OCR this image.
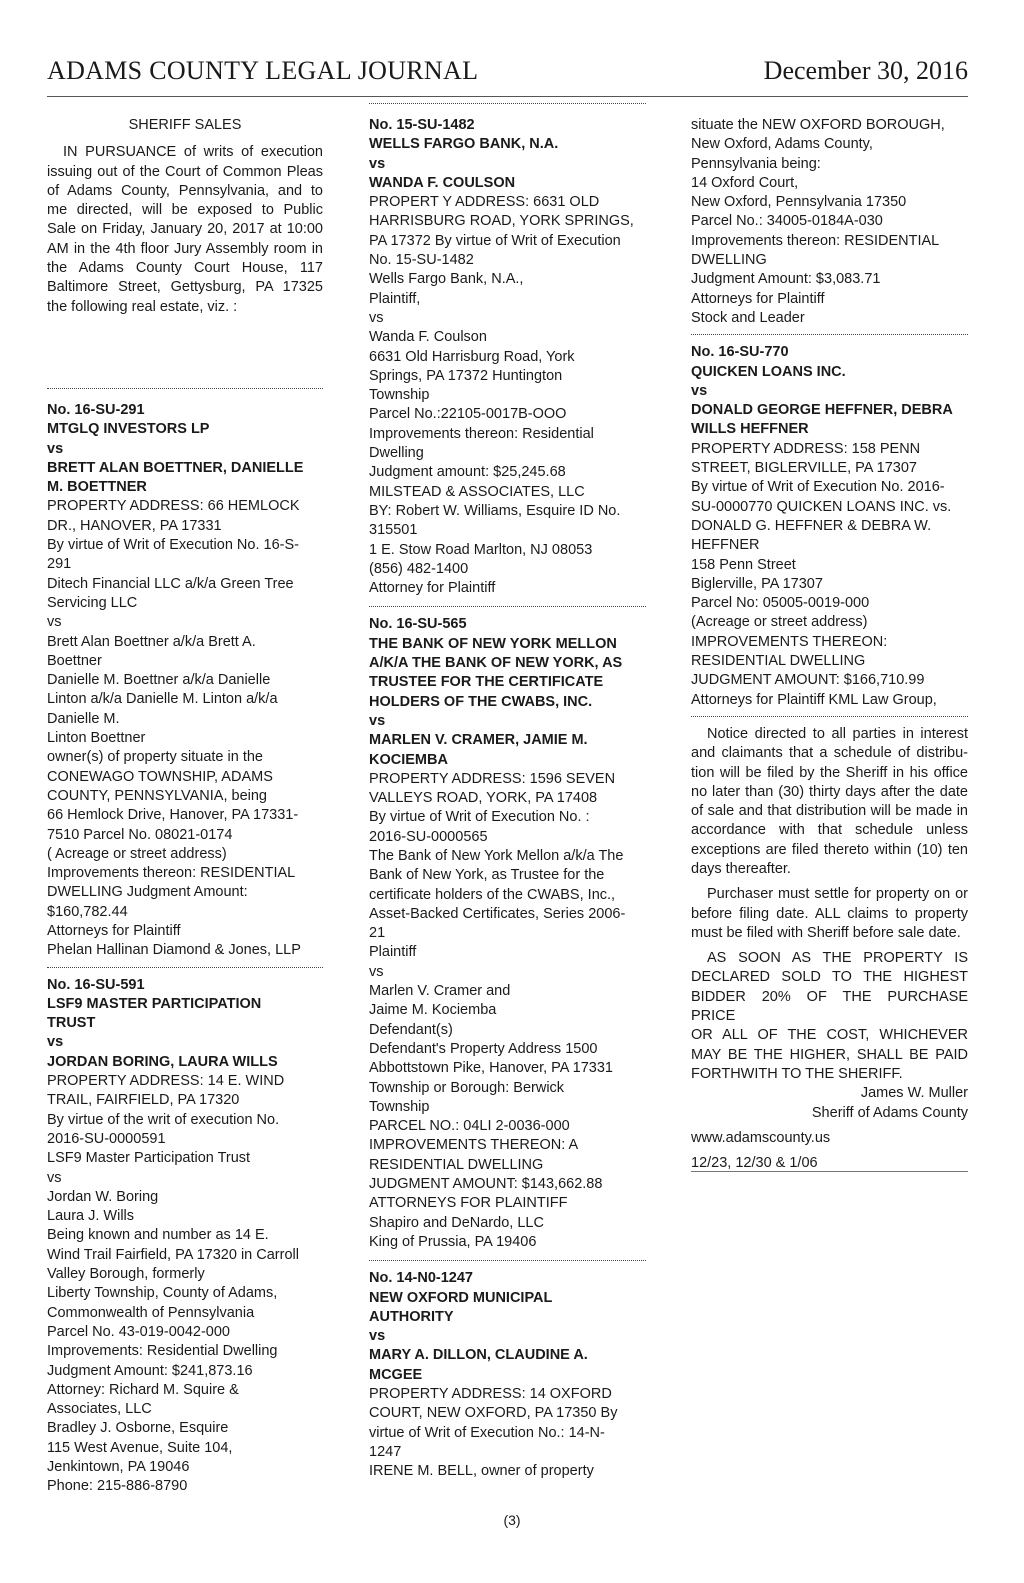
ADAMS COUNTY LEGAL JOURNAL	December 30, 2016
SHERIFF SALES
IN PURSUANCE of writs of execution
issuing out of the Court of Common Pleas
of Adams County, Pennsylvania, and to
me directed, will be exposed to Public
Sale on Friday, January 20, 2017 at 10:00
AM in the 4th floor Jury Assembly room in
the Adams County Court House, 117
Baltimore Street, Gettysburg, PA 17325
the following real estate, viz. :
No. 16-SU-291
MTGLQ INVESTORS LP
vs
BRETT ALAN BOETTNER, DANIELLE
M. BOETTNER
PROPERTY ADDRESS: 66 HEMLOCK
DR., HANOVER, PA 17331
By virtue of Writ of Execution No. 16-S-
291
Ditech Financial LLC a/k/a Green Tree
Servicing LLC
vs
Brett Alan Boettner a/k/a Brett A.
Boettner
Danielle M. Boettner a/k/a Danielle
Linton a/k/a Danielle M. Linton a/k/a
Danielle M.
Linton Boettner
owner(s) of property situate in the
CONEWAGO TOWNSHIP, ADAMS
COUNTY, PENNSYLVANIA, being
66 Hemlock Drive, Hanover, PA 17331-
7510 Parcel No. 08021-0174
( Acreage or street address)
Improvements thereon: RESIDENTIAL
DWELLING Judgment Amount:
$160,782.44
Attorneys for Plaintiff
Phelan Hallinan Diamond & Jones, LLP
No. 16-SU-591
LSF9 MASTER PARTICIPATION
TRUST
vs
JORDAN BORING, LAURA WILLS
PROPERTY ADDRESS: 14 E. WIND
TRAIL, FAIRFIELD, PA 17320
By virtue of the writ of execution No.
2016-SU-0000591
LSF9 Master Participation Trust
vs
Jordan W. Boring
Laura J. Wills
Being known and number as 14 E.
Wind Trail Fairfield, PA 17320 in Carroll
Valley Borough, formerly
Liberty Township, County of Adams,
Commonwealth of Pennsylvania
Parcel No. 43-019-0042-000
Improvements: Residential Dwelling
Judgment Amount: $241,873.16
Attorney: Richard M. Squire &
Associates, LLC
Bradley J. Osborne, Esquire
115 West Avenue, Suite 104,
Jenkintown, PA 19046
Phone: 215-886-8790
No. 15-SU-1482
WELLS FARGO BANK, N.A.
vs
WANDA F. COULSON
PROPERT Y ADDRESS: 6631 OLD
HARRISBURG ROAD, YORK SPRINGS,
PA 17372 By virtue of Writ of Execution
No. 15-SU-1482
Wells Fargo Bank, N.A.,
Plaintiff,
vs
Wanda F. Coulson
6631 Old Harrisburg Road, York
Springs, PA 17372 Huntington
Township
Parcel No.:22105-0017B-OOO
Improvements thereon: Residential
Dwelling
Judgment amount: $25,245.68
MILSTEAD & ASSOCIATES, LLC
BY: Robert W. Williams, Esquire ID No.
315501
1 E. Stow Road Marlton, NJ 08053
(856) 482-1400
Attorney for Plaintiff
No. 16-SU-565
THE BANK OF NEW YORK MELLON
A/K/A THE BANK OF NEW YORK, AS
TRUSTEE FOR THE CERTIFICATE
HOLDERS OF THE CWABS, INC.
vs
MARLEN V. CRAMER, JAMIE M.
KOCIEMBA
PROPERTY ADDRESS: 1596 SEVEN
VALLEYS ROAD, YORK, PA 17408
By virtue of Writ of Execution No. :
2016-SU-0000565
The Bank of New York Mellon a/k/a The
Bank of New York, as Trustee for the
certificate holders of the CWABS, Inc.,
Asset-Backed Certificates, Series 2006-
21
Plaintiff
vs
Marlen V. Cramer and
Jaime M. Kociemba
Defendant(s)
Defendant's Property Address 1500
Abbottstown Pike, Hanover, PA 17331
Township or Borough: Berwick
Township
PARCEL NO.: 04LI 2-0036-000
IMPROVEMENTS THEREON: A
RESIDENTIAL DWELLING
JUDGMENT AMOUNT: $143,662.88
ATTORNEYS FOR PLAINTIFF
Shapiro and DeNardo, LLC
King of Prussia, PA 19406
No. 14-N0-1247
NEW OXFORD MUNICIPAL
AUTHORITY
vs
MARY A. DILLON, CLAUDINE A.
MCGEE
PROPERTY ADDRESS: 14 OXFORD
COURT, NEW OXFORD, PA 17350 By
virtue of Writ of Execution No.: 14-N-
1247
IRENE M. BELL, owner of property
situate the NEW OXFORD BOROUGH,
New Oxford, Adams County,
Pennsylvania being:
14 Oxford Court,
New Oxford, Pennsylvania 17350
Parcel No.: 34005-0184A-030
Improvements thereon: RESIDENTIAL
DWELLING
Judgment Amount: $3,083.71
Attorneys for Plaintiff
Stock and Leader
No. 16-SU-770
QUICKEN LOANS INC.
vs
DONALD GEORGE HEFFNER, DEBRA
WILLS HEFFNER
PROPERTY ADDRESS: 158 PENN
STREET, BIGLERVILLE, PA 17307
By virtue of Writ of Execution No. 2016-
SU-0000770 QUICKEN LOANS INC. vs.
DONALD G. HEFFNER & DEBRA W.
HEFFNER
158 Penn Street
Biglerville, PA 17307
Parcel No: 05005-0019-000
(Acreage or street address)
IMPROVEMENTS THEREON:
RESIDENTIAL DWELLING
JUDGMENT AMOUNT: $166,710.99
Attorneys for Plaintiff KML Law Group,
Notice directed to all parties in interest
and claimants that a schedule of distribu-
tion will be filed by the Sheriff in his office
no later than (30) thirty days after the date
of sale and that distribution will be made in
accordance with that schedule unless
exceptions are filed thereto within (10) ten
days thereafter.
Purchaser must settle for property on or
before filing date. ALL claims to property
must be filed with Sheriff before sale date.
AS SOON AS THE PROPERTY IS
DECLARED SOLD TO THE HIGHEST
BIDDER 20% OF THE PURCHASE PRICE
OR ALL OF THE COST, WHICHEVER
MAY BE THE HIGHER, SHALL BE PAID
FORTHWITH TO THE SHERIFF.
James W. Muller
Sheriff of Adams County
www.adamscounty.us
12/23, 12/30 & 1/06
(3)
